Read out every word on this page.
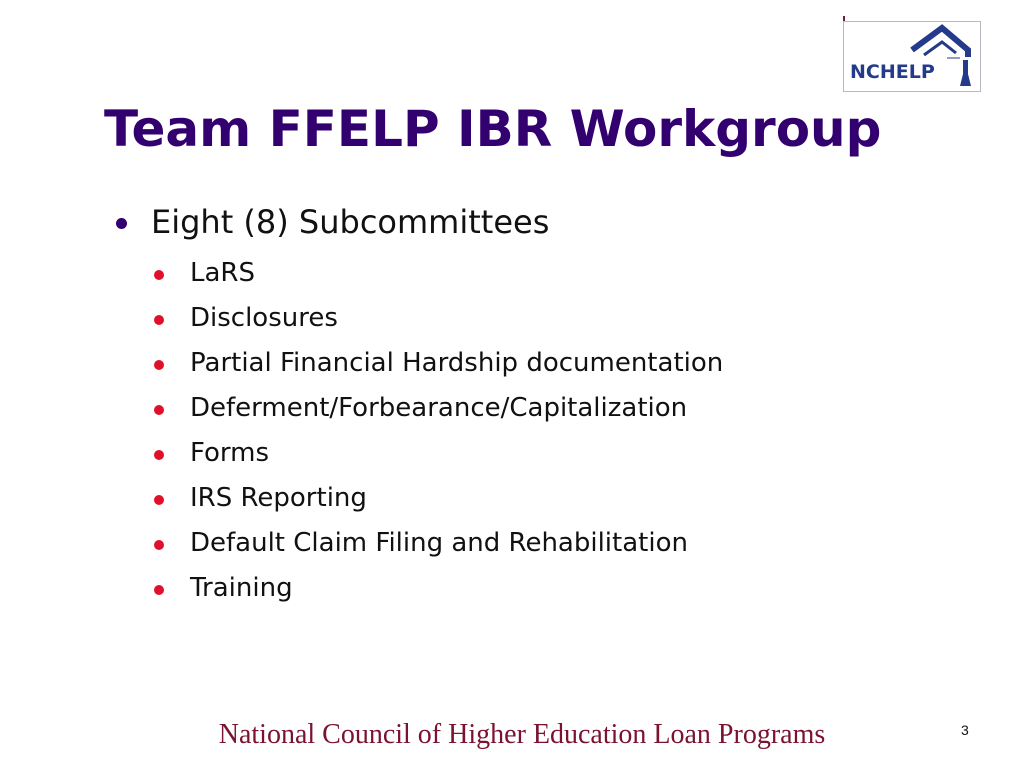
NCHELP
Team FFELP IBR Workgroup
Eight (8) Subcommittees
LaRS
Disclosures
Partial Financial Hardship documentation
Deferment/Forbearance/Capitalization
Forms
IRS Reporting
Default Claim Filing and Rehabilitation
Training
National Council of Higher Education Loan Programs	3
